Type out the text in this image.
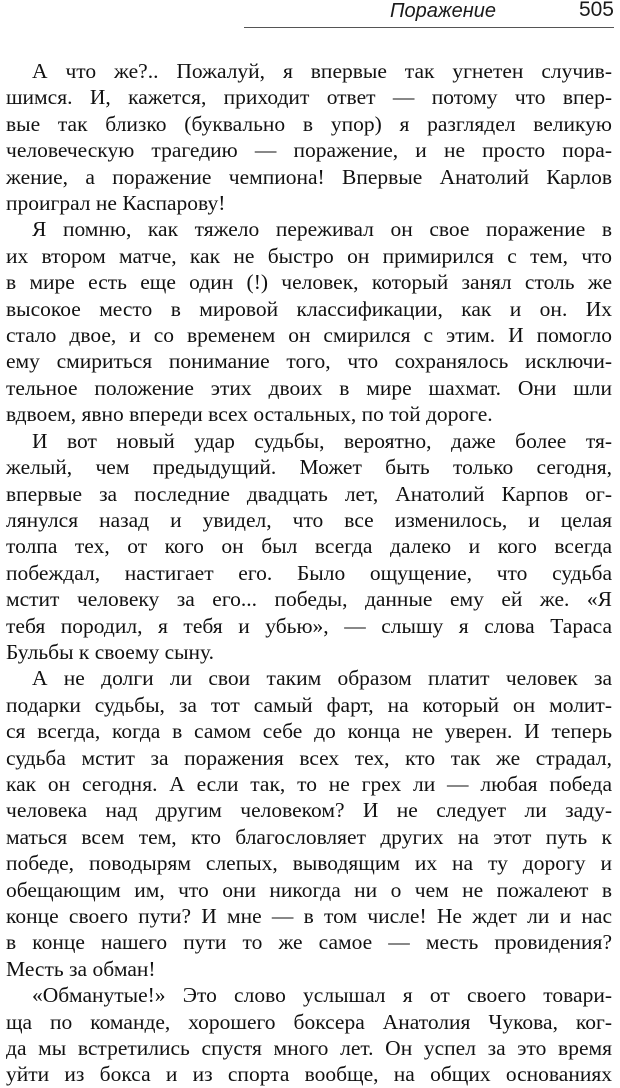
Поражение	505
А что же?.. Пожалуй, я впервые так угнетен случив-
шимся. И, кажется, приходит ответ — потому что впер-
вые так близко (буквально в упор) я разглядел великую
человеческую трагедию — поражение, и не просто пора-
жение, а поражение чемпиона! Впервые Анатолий Карлов
проиграл не Каспарову!
Я помню, как тяжело переживал он свое поражение в
их втором матче, как не быстро он примирился с тем, что
в мире есть еще один (!) человек, который занял столь же
высокое место в мировой классификации, как и он. Их
стало двое, и со временем он смирился с этим. И помогло
ему смириться понимание того, что сохранялось исключи-
тельное положение этих двоих в мире шахмат. Они шли
вдвоем, явно впереди всех остальных, по той дороге.
И вот новый удар судьбы, вероятно, даже более тя-
желый, чем предыдущий. Может быть только сегодня,
впервые за последние двадцать лет, Анатолий Карпов ог-
лянулся назад и увидел, что все изменилось, и целая
толпа тех, от кого он был всегда далеко и кого всегда
побеждал, настигает его. Было ощущение, что судьба
мстит человеку за его... победы, данные ему ей же. «Я
тебя породил, я тебя и убью», — слышу я слова Тараса
Бульбы к своему сыну.
А не долги ли свои таким образом платит человек за
подарки судьбы, за тот самый фарт, на который он молит-
ся всегда, когда в самом себе до конца не уверен. И теперь
судьба мстит за поражения всех тех, кто так же страдал,
как он сегодня. А если так, то не грех ли — любая победа
человека над другим человеком? И не следует ли заду-
маться всем тем, кто благословляет других на этот путь к
победе, поводырям слепых, выводящим их на ту дорогу и
обещающим им, что они никогда ни о чем не пожалеют в
конце своего пути? И мне — в том числе! Не ждет ли и нас
в конце нашего пути то же самое — месть провидения?
Месть за обман!
«Обманутые!» Это слово услышал я от своего товари-
ща по команде, хорошего боксера Анатолия Чукова, ког-
да мы встретились спустя много лет. Он успел за это время
уйти из бокса и из спорта вообще, на общих основаниях
